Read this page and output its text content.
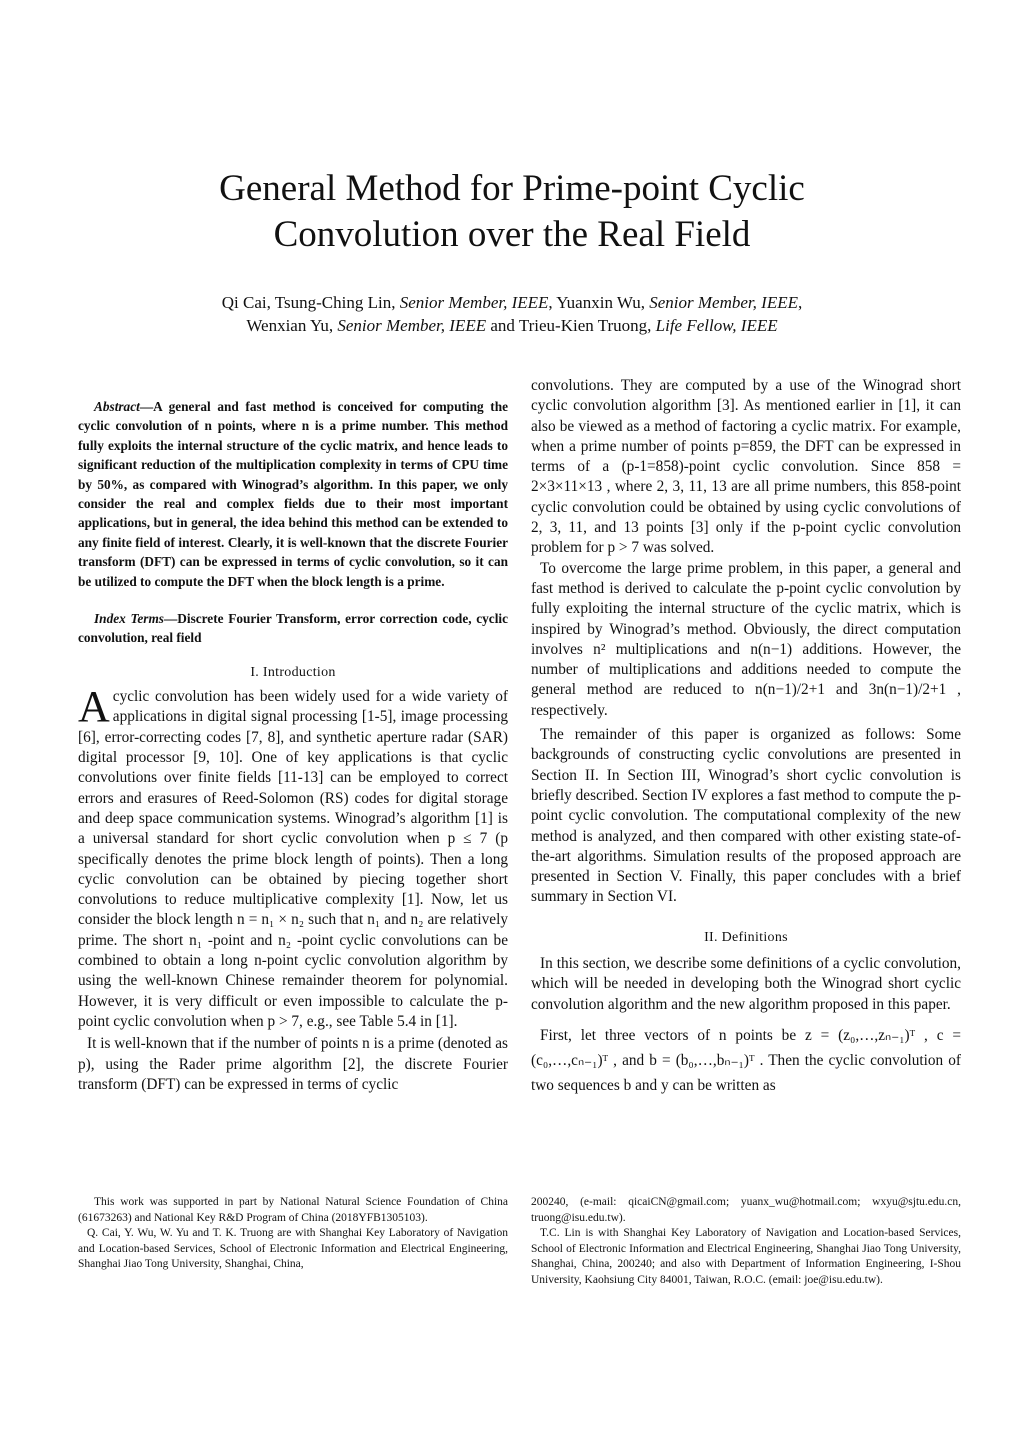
General Method for Prime-point Cyclic
Convolution over the Real Field
Qi Cai, Tsung-Ching Lin, Senior Member, IEEE, Yuanxin Wu, Senior Member, IEEE,
Wenxian Yu, Senior Member, IEEE and Trieu-Kien Truong, Life Fellow, IEEE

Abstract—A general and fast method is conceived for computing the cyclic convolution of n points, where n is a prime number. This method fully exploits the internal structure of the cyclic matrix, and hence leads to significant reduction of the multiplication complexity in terms of CPU time by 50%, as compared with Winograd’s algorithm. In this paper, we only consider the real and complex fields due to their most important applications, but in general, the idea behind this method can be extended to any finite field of interest. Clearly, it is well-known that the discrete Fourier transform (DFT) can be expressed in terms of cyclic convolution, so it can be utilized to compute the DFT when the block length is a prime.

Index Terms—Discrete Fourier Transform, error correction code, cyclic convolution, real field

I. Introduction

A cyclic convolution has been widely used for a wide variety of applications in digital signal processing [1-5], image processing [6], error-correcting codes [7, 8], and synthetic aperture radar (SAR) digital processor [9, 10]. One of key applications is that cyclic convolutions over finite fields [11-13] can be employed to correct errors and erasures of Reed-Solomon (RS) codes for digital storage and deep space communication systems. Winograd’s algorithm [1] is a universal standard for short cyclic convolution when p ≤ 7 (p specifically denotes the prime block length of points). Then a long cyclic convolution can be obtained by piecing together short convolutions to reduce multiplicative complexity [1]. Now, let us consider the block length n = n₁ × n₂ such that n₁ and n₂ are relatively prime. The short n₁ -point and n₂ -point cyclic convolutions can be combined to obtain a long n-point cyclic convolution algorithm by using the well-known Chinese remainder theorem for polynomial. However, it is very difficult or even impossible to calculate the p-point cyclic convolution when p > 7, e.g., see Table 5.4 in [1].

It is well-known that if the number of points n is a prime (denoted as p), using the Rader prime algorithm [2], the discrete Fourier transform (DFT) can be expressed in terms of cyclic

convolutions. They are computed by a use of the Winograd short cyclic convolution algorithm [3]. As mentioned earlier in [1], it can also be viewed as a method of factoring a cyclic matrix. For example, when a prime number of points p=859, the DFT can be expressed in terms of a (p-1=858)-point cyclic convolution. Since 858 = 2×3×11×13 , where 2, 3, 11, 13 are all prime numbers, this 858-point cyclic convolution could be obtained by using cyclic convolutions of 2, 3, 11, and 13 points [3] only if the p-point cyclic convolution problem for p > 7 was solved.

To overcome the large prime problem, in this paper, a general and fast method is derived to calculate the p-point cyclic convolution by fully exploiting the internal structure of the cyclic matrix, which is inspired by Winograd’s method. Obviously, the direct computation involves n² multiplications and n(n−1) additions. However, the number of multiplications and additions needed to compute the general method are reduced to n(n−1)/2+1 and 3n(n−1)/2+1 , respectively.

The remainder of this paper is organized as follows: Some backgrounds of constructing cyclic convolutions are presented in Section II. In Section III, Winograd’s short cyclic convolution is briefly described. Section IV explores a fast method to compute the p-point cyclic convolution. The computational complexity of the new method is analyzed, and then compared with other existing state-of-the-art algorithms. Simulation results of the proposed approach are presented in Section V. Finally, this paper concludes with a brief summary in Section VI.

II. Definitions

In this section, we describe some definitions of a cyclic convolution, which will be needed in developing both the Winograd short cyclic convolution algorithm and the new algorithm proposed in this paper.

First, let three vectors of n points be z = (z₀,…,zₙ₋₁)ᵀ , c = (c₀,…,cₙ₋₁)ᵀ , and b = (b₀,…,bₙ₋₁)ᵀ . Then the cyclic convolution of two sequences b and y can be written as

This work was supported in part by National Natural Science Foundation of China (61673263) and National Key R&D Program of China (2018YFB1305103).

Q. Cai, Y. Wu, W. Yu and T. K. Truong are with Shanghai Key Laboratory of Navigation and Location-based Services, School of Electronic Information and Electrical Engineering, Shanghai Jiao Tong University, Shanghai, China,

200240, (e-mail: qicaiCN@gmail.com; yuanx_wu@hotmail.com; wxyu@sjtu.edu.cn, truong@isu.edu.tw).

T.C. Lin is with Shanghai Key Laboratory of Navigation and Location-based Services, School of Electronic Information and Electrical Engineering, Shanghai Jiao Tong University, Shanghai, China, 200240; and also with Department of Information Engineering, I-Shou University, Kaohsiung City 84001, Taiwan, R.O.C. (email: joe@isu.edu.tw).
